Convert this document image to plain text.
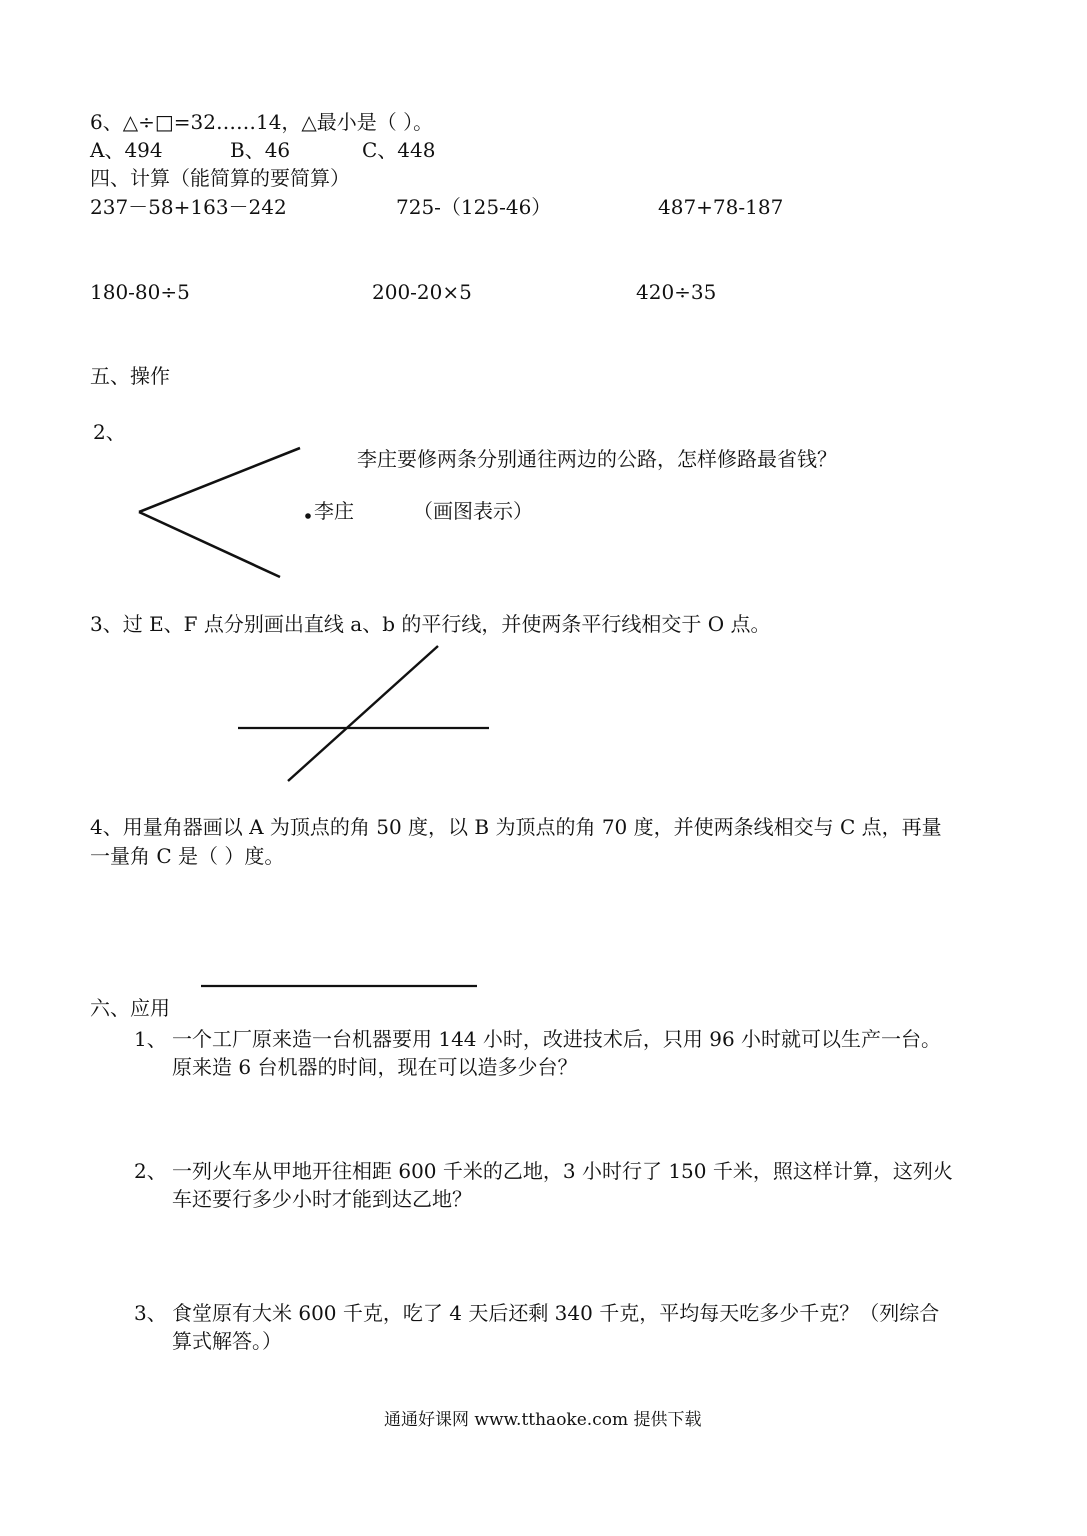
6、△÷□=32……14，△最小是（ ）。
A、494	B、46	C、448
四、计算（能简算的要简算）
237－58+163－242	725-（125-46）	487+78-187
180-80÷5	200-20×5	420÷35
五、操作
2、
李庄要修两条分别通往两边的公路，怎样修路最省钱？
李庄	（画图表示）
3、过 E、F 点分别画出直线 a、b 的平行线，并使两条平行线相交于 O 点。
4、用量角器画以 A 为顶点的角 50 度，以 B 为顶点的角 70 度，并使两条线相交与 C 点，再量
一量角 C 是（ ）度。
六、应用
1、 一个工厂原来造一台机器要用 144 小时，改进技术后，只用 96 小时就可以生产一台。
原来造 6 台机器的时间，现在可以造多少台？
2、 一列火车从甲地开往相距 600 千米的乙地，3 小时行了 150 千米，照这样计算，这列火
车还要行多少小时才能到达乙地？
3、 食堂原有大米 600 千克，吃了 4 天后还剩 340 千克，平均每天吃多少千克？（列综合
算式解答。）
通通好课网 www.tthaoke.com 提供下载
